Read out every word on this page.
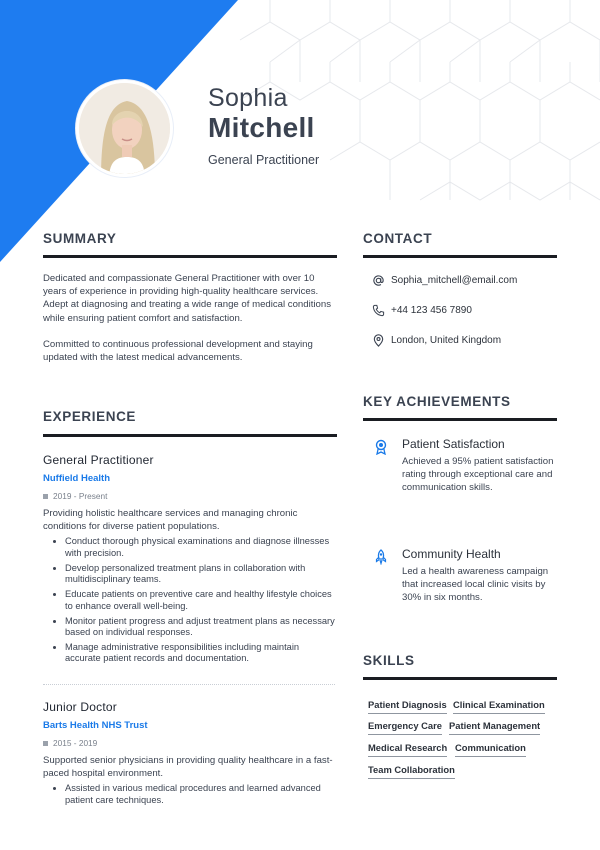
Sophia
Mitchell
General Practitioner
SUMMARY

Dedicated and compassionate General Practitioner with over 10 years of experience in providing high-quality healthcare services. Adept at diagnosing and treating a wide range of medical conditions while ensuring patient comfort and satisfaction.

Committed to continuous professional development and staying updated with the latest medical advancements.

EXPERIENCE
General Practitioner
Nuffield Health
2019 - Present
Providing holistic healthcare services and managing chronic conditions for diverse patient populations.
Conduct thorough physical examinations and diagnose illnesses with precision.
Develop personalized treatment plans in collaboration with multidisciplinary teams.
Educate patients on preventive care and healthy lifestyle choices to enhance overall well-being.
Monitor patient progress and adjust treatment plans as necessary based on individual responses.
Manage administrative responsibilities including maintain accurate patient records and documentation.
Junior Doctor
Barts Health NHS Trust
2015 - 2019
Supported senior physicians in providing quality healthcare in a fast-paced hospital environment.
Assisted in various medical procedures and learned advanced patient care techniques.
CONTACT
Sophia_mitchell@email.com
+44 123 456 7890
London, United Kingdom
KEY ACHIEVEMENTS
Patient Satisfaction
Achieved a 95% patient satisfaction rating through exceptional care and communication skills.
Community Health
Led a health awareness campaign that increased local clinic visits by 30% in six months.
SKILLS
Patient Diagnosis Clinical Examination
Emergency Care Patient Management
Medical Research Communication
Team Collaboration
